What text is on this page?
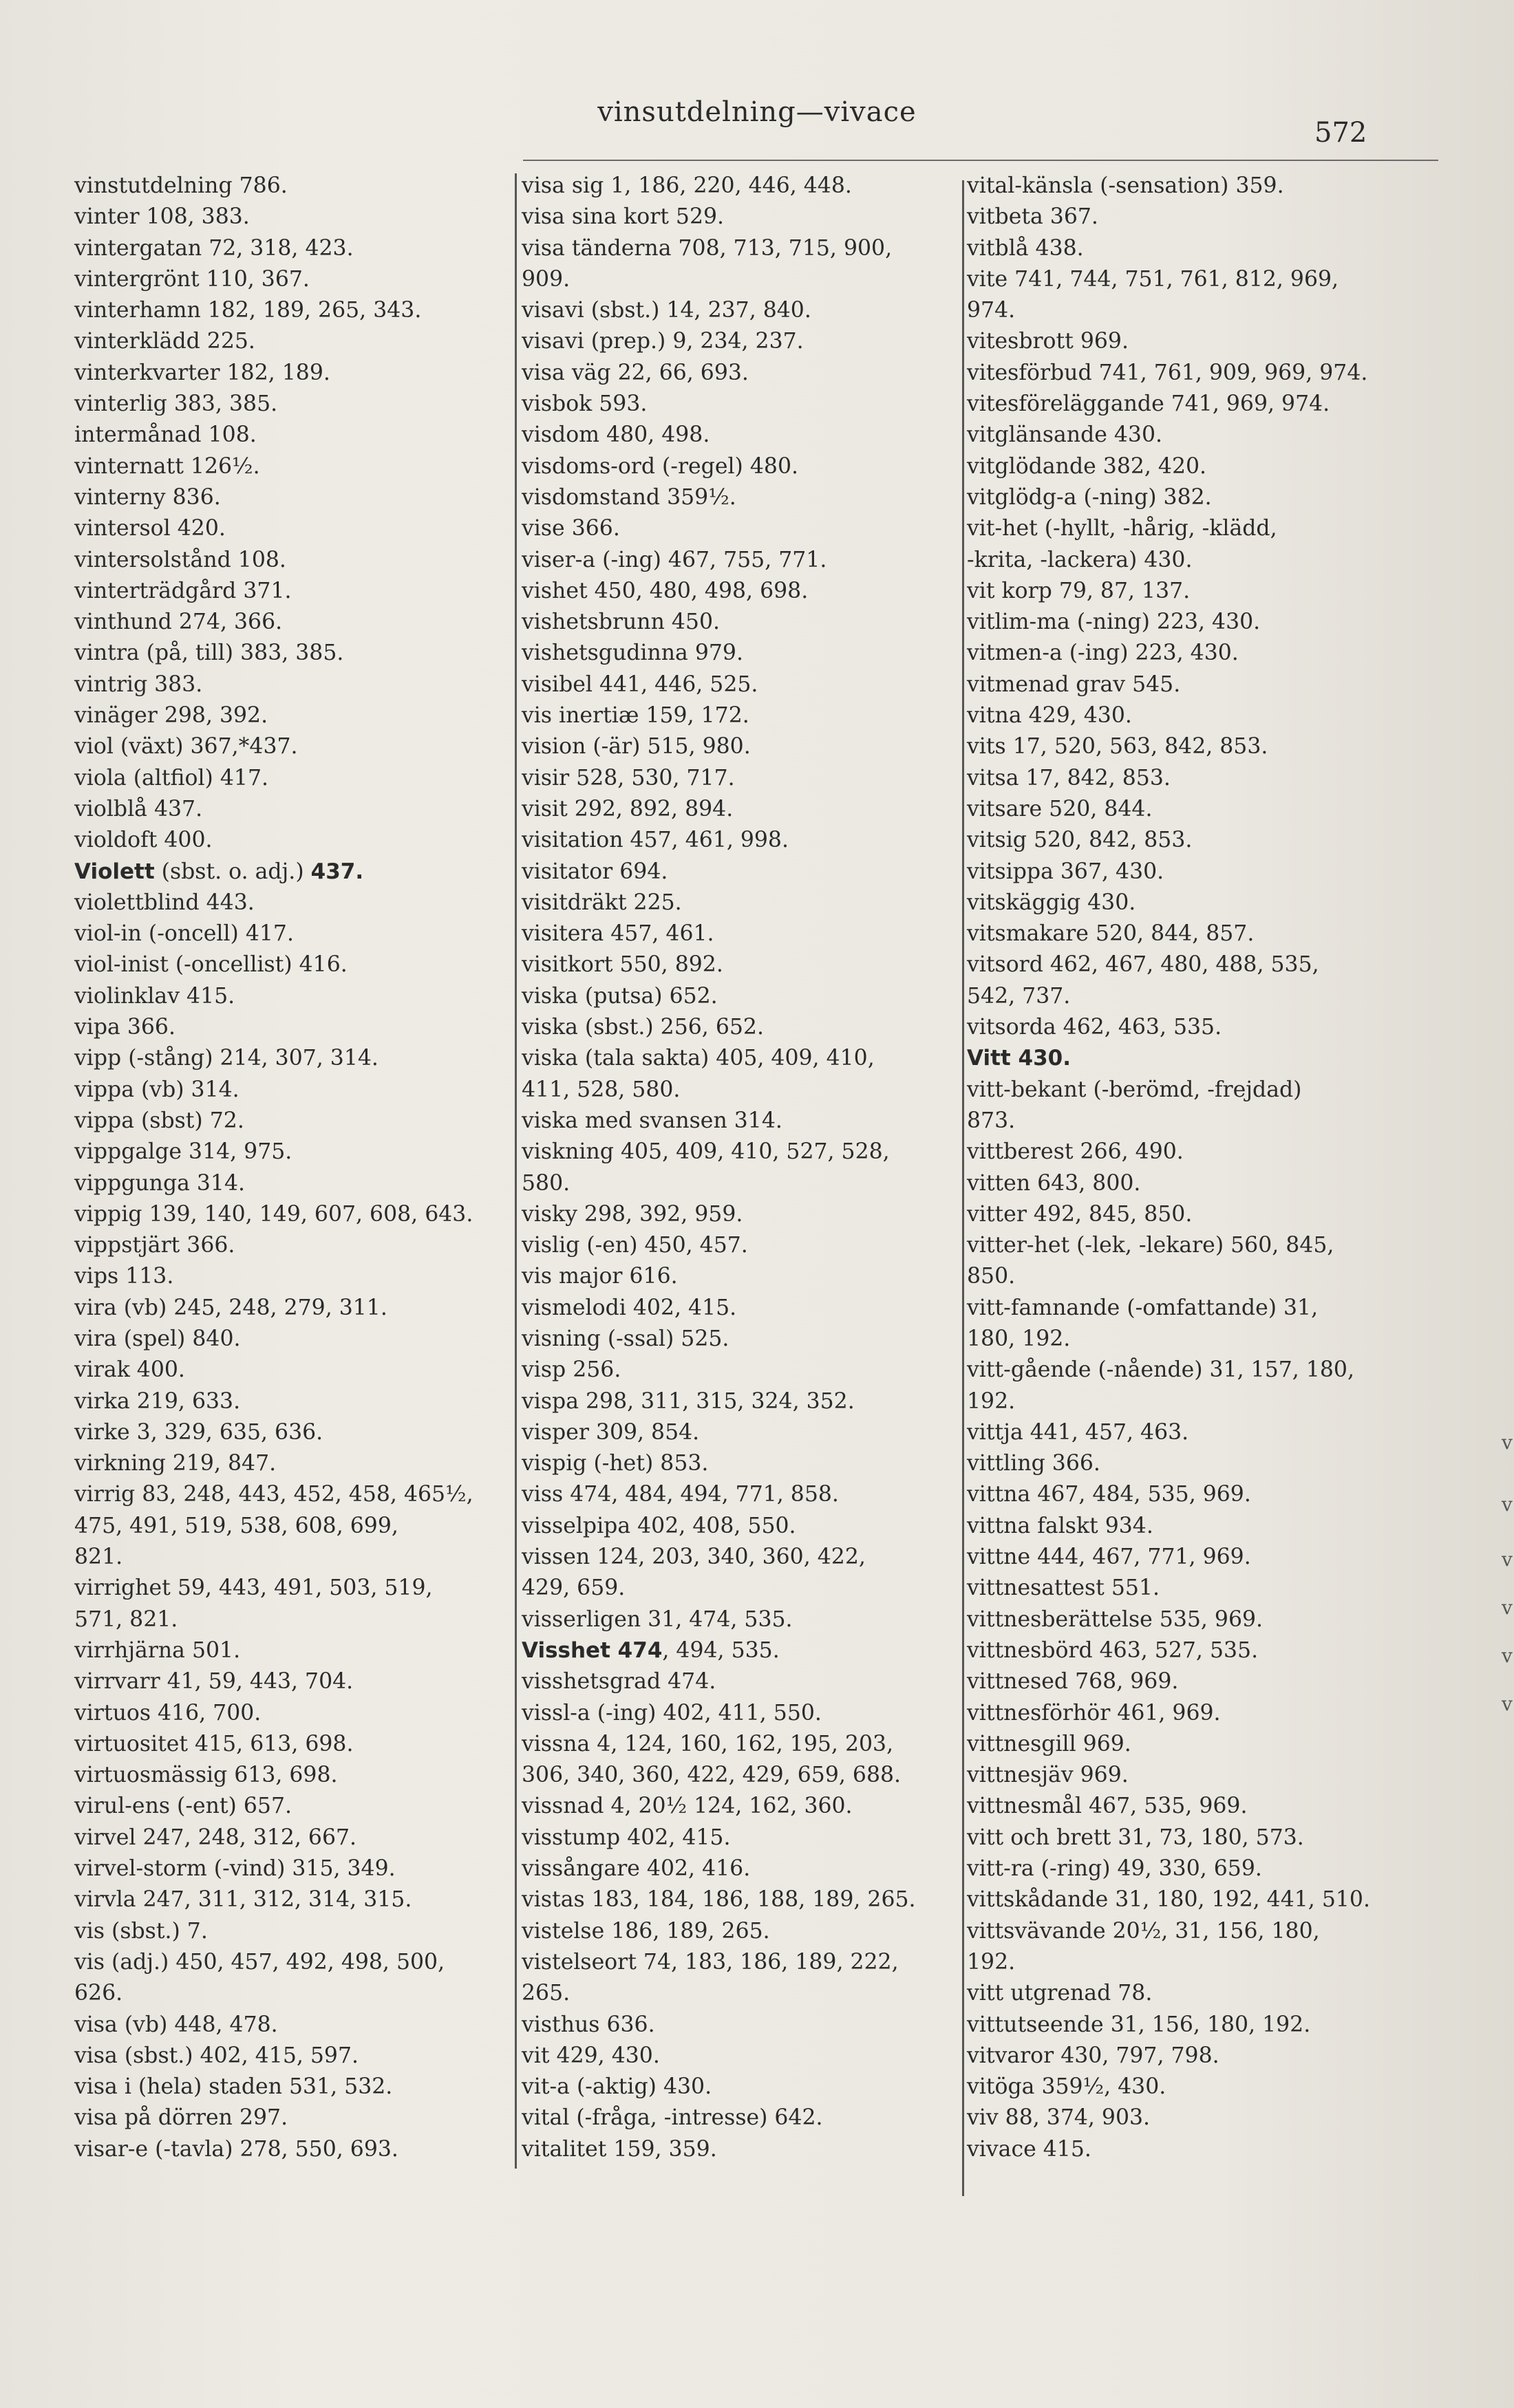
vinsutdelning—vivace
572
vinstutdelning 786.
vinter 108, 383.
vintergatan 72, 318, 423.
vintergrönt 110, 367.
vinterhamn 182, 189, 265, 343.
vinterklädd 225.
vinterkvarter 182, 189.
vinterlig 383, 385.
intermånad 108.
vinternatt 126½.
vinterny 836.
vintersol 420.
vintersolstånd 108.
vinterträdgård 371.
vinthund 274, 366.
vintra (på, till) 383, 385.
vintrig 383.
vinäger 298, 392.
viol (växt) 367,*437.
viola (altfiol) 417.
violblå 437.
violdoft 400.
Violett (sbst. o. adj.) 437.
violettblind 443.
viol-in (-oncell) 417.
viol-inist (-oncellist) 416.
violinklav 415.
vipa 366.
vipp (-stång) 214, 307, 314.
vippa (vb) 314.
vippa (sbst) 72.
vippgalge 314, 975.
vippgunga 314.
vippig 139, 140, 149, 607, 608, 643.
vippstjärt 366.
vips 113.
vira (vb) 245, 248, 279, 311.
vira (spel) 840.
virak 400.
virka 219, 633.
virke 3, 329, 635, 636.
virkning 219, 847.
virrig 83, 248, 443, 452, 458, 465½,
475, 491, 519, 538, 608, 699,
821.
virrighet 59, 443, 491, 503, 519,
571, 821.
virrhjärna 501.
virrvarr 41, 59, 443, 704.
virtuos 416, 700.
virtuositet 415, 613, 698.
virtuosmässig 613, 698.
virul-ens (-ent) 657.
virvel 247, 248, 312, 667.
virvel-storm (-vind) 315, 349.
virvla 247, 311, 312, 314, 315.
vis (sbst.) 7.
vis (adj.) 450, 457, 492, 498, 500,
626.
visa (vb) 448, 478.
visa (sbst.) 402, 415, 597.
visa i (hela) staden 531, 532.
visa på dörren 297.
visar-e (-tavla) 278, 550, 693.
visa sig 1, 186, 220, 446, 448.
visa sina kort 529.
visa tänderna 708, 713, 715, 900,
909.
visavi (sbst.) 14, 237, 840.
visavi (prep.) 9, 234, 237.
visa väg 22, 66, 693.
visbok 593.
visdom 480, 498.
visdoms-ord (-regel) 480.
visdomstand 359½.
vise 366.
viser-a (-ing) 467, 755, 771.
vishet 450, 480, 498, 698.
vishetsbrunn 450.
vishetsgudinna 979.
visibel 441, 446, 525.
vis inertiæ 159, 172.
vision (-är) 515, 980.
visir 528, 530, 717.
visit 292, 892, 894.
visitation 457, 461, 998.
visitator 694.
visitdräkt 225.
visitera 457, 461.
visitkort 550, 892.
viska (putsa) 652.
viska (sbst.) 256, 652.
viska (tala sakta) 405, 409, 410,
411, 528, 580.
viska med svansen 314.
viskning 405, 409, 410, 527, 528,
580.
visky 298, 392, 959.
vislig (-en) 450, 457.
vis major 616.
vismelodi 402, 415.
visning (-ssal) 525.
visp 256.
vispa 298, 311, 315, 324, 352.
visper 309, 854.
vispig (-het) 853.
viss 474, 484, 494, 771, 858.
visselpipa 402, 408, 550.
vissen 124, 203, 340, 360, 422,
429, 659.
visserligen 31, 474, 535.
Visshet 474, 494, 535.
visshetsgrad 474.
vissl-a (-ing) 402, 411, 550.
vissna 4, 124, 160, 162, 195, 203,
306, 340, 360, 422, 429, 659, 688.
vissnad 4, 20½ 124, 162, 360.
visstump 402, 415.
vissångare 402, 416.
vistas 183, 184, 186, 188, 189, 265.
vistelse 186, 189, 265.
vistelseort 74, 183, 186, 189, 222,
265.
visthus 636.
vit 429, 430.
vit-a (-aktig) 430.
vital (-fråga, -intresse) 642.
vitalitet 159, 359.
vital-känsla (-sensation) 359.
vitbeta 367.
vitblå 438.
vite 741, 744, 751, 761, 812, 969,
974.
vitesbrott 969.
vitesförbud 741, 761, 909, 969, 974.
vitesföreläggande 741, 969, 974.
vitglänsande 430.
vitglödande 382, 420.
vitglödg-a (-ning) 382.
vit-het (-hyllt, -hårig, -klädd,
-krita, -lackera) 430.
vit korp 79, 87, 137.
vitlim-ma (-ning) 223, 430.
vitmen-a (-ing) 223, 430.
vitmenad grav 545.
vitna 429, 430.
vits 17, 520, 563, 842, 853.
vitsa 17, 842, 853.
vitsare 520, 844.
vitsig 520, 842, 853.
vitsippa 367, 430.
vitskäggig 430.
vitsmakare 520, 844, 857.
vitsord 462, 467, 480, 488, 535,
542, 737.
vitsorda 462, 463, 535.
Vitt 430.
vitt-bekant (-berömd, -frejdad)
873.
vittberest 266, 490.
vitten 643, 800.
vitter 492, 845, 850.
vitter-het (-lek, -lekare) 560, 845,
850.
vitt-famnande (-omfattande) 31,
180, 192.
vitt-gående (-nående) 31, 157, 180,
192.
vittja 441, 457, 463.
vittling 366.
vittna 467, 484, 535, 969.
vittna falskt 934.
vittne 444, 467, 771, 969.
vittnesattest 551.
vittnesberättelse 535, 969.
vittnesbörd 463, 527, 535.
vittnesed 768, 969.
vittnesförhör 461, 969.
vittnesgill 969.
vittnesjäv 969.
vittnesmål 467, 535, 969.
vitt och brett 31, 73, 180, 573.
vitt-ra (-ring) 49, 330, 659.
vittskådande 31, 180, 192, 441, 510.
vittsvävande 20½, 31, 156, 180,
192.
vitt utgrenad 78.
vittutseende 31, 156, 180, 192.
vitvaror 430, 797, 798.
vitöga 359½, 430.
viv 88, 374, 903.
vivace 415.
v
v
v
v
v
v
